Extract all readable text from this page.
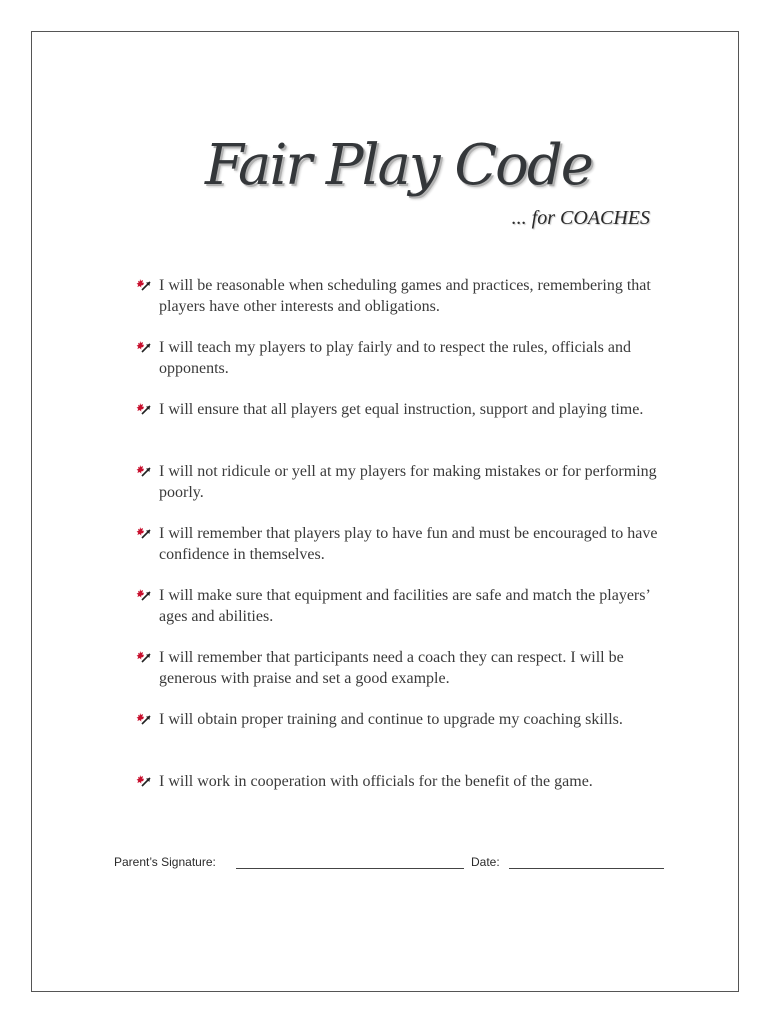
Fair Play Code
... for COACHES
I will be reasonable when scheduling games and practices, remembering that players have other interests and obligations.
I will teach my players to play fairly and to respect the rules, officials and opponents.
I will ensure that all players get equal instruction, support and playing time.
I will not ridicule or yell at my players for making mistakes or for performing poorly.
I will remember that players play to have fun and must be encouraged to have confidence in themselves.
I will make sure that equipment and facilities are safe and match the players’ ages and abilities.
I will remember that participants need a coach they can respect. I will be generous with praise and set a good example.
I will obtain proper training and continue to upgrade my coaching skills.
I will work in cooperation with officials for the benefit of the game.
Parent’s Signature:	Date:
